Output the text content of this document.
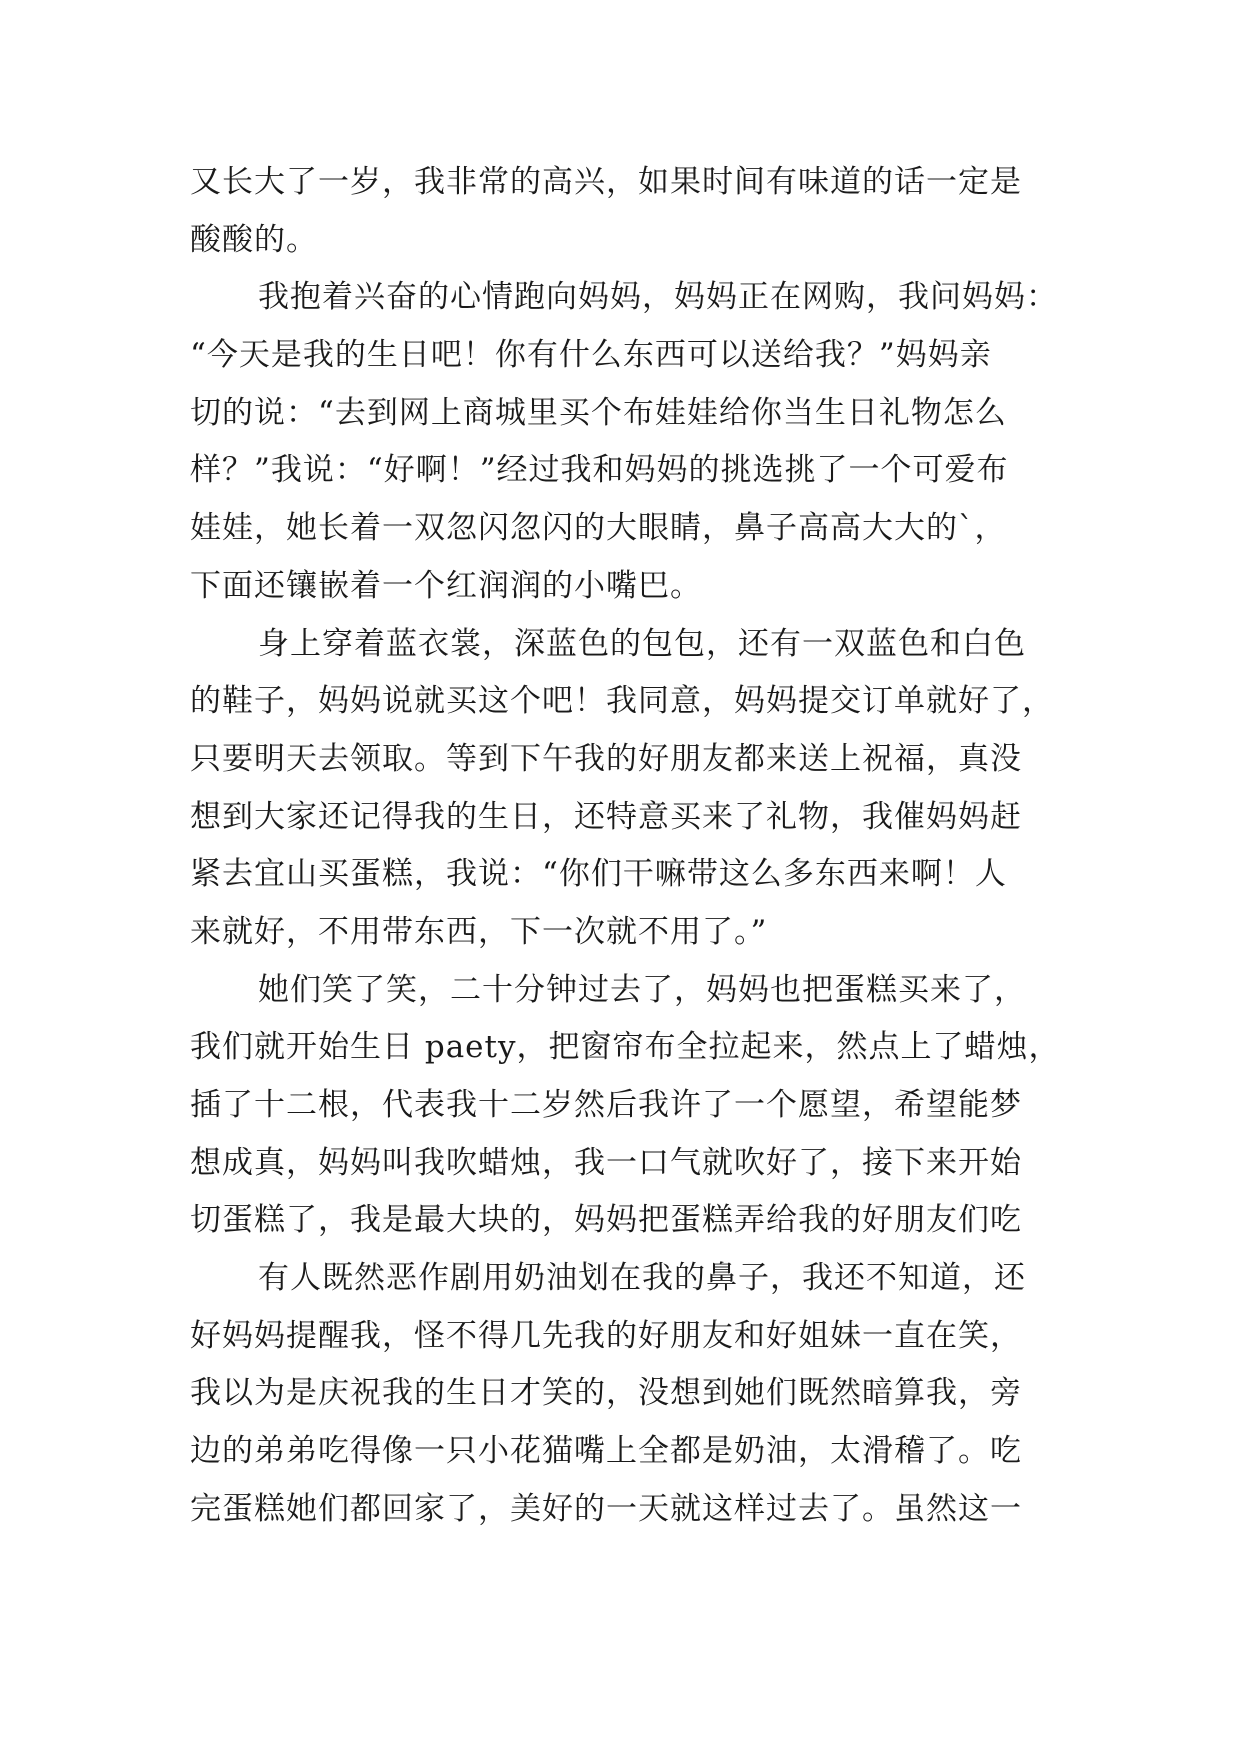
又长大了一岁，我非常的高兴，如果时间有味道的话一定是
酸酸的。
我抱着兴奋的心情跑向妈妈，妈妈正在网购，我问妈妈：
“今天是我的生日吧！你有什么东西可以送给我？”妈妈亲
切的说：“去到网上商城里买个布娃娃给你当生日礼物怎么
样？”我说：“好啊！”经过我和妈妈的挑选挑了一个可爱布
娃娃，她长着一双忽闪忽闪的大眼睛，鼻子高高大大的`，
下面还镶嵌着一个红润润的小嘴巴。
身上穿着蓝衣裳，深蓝色的包包，还有一双蓝色和白色
的鞋子，妈妈说就买这个吧！我同意，妈妈提交订单就好了，
只要明天去领取。等到下午我的好朋友都来送上祝福，真没
想到大家还记得我的生日，还特意买来了礼物，我催妈妈赶
紧去宜山买蛋糕，我说：“你们干嘛带这么多东西来啊！人
来就好，不用带东西，下一次就不用了。”
她们笑了笑，二十分钟过去了，妈妈也把蛋糕买来了，
我们就开始生日 paety，把窗帘布全拉起来，然点上了蜡烛，
插了十二根，代表我十二岁然后我许了一个愿望，希望能梦
想成真，妈妈叫我吹蜡烛，我一口气就吹好了，接下来开始
切蛋糕了，我是最大块的，妈妈把蛋糕弄给我的好朋友们吃
有人既然恶作剧用奶油划在我的鼻子，我还不知道，还
好妈妈提醒我，怪不得几先我的好朋友和好姐妹一直在笑，
我以为是庆祝我的生日才笑的，没想到她们既然暗算我，旁
边的弟弟吃得像一只小花猫嘴上全都是奶油，太滑稽了。吃
完蛋糕她们都回家了，美好的一天就这样过去了。虽然这一
